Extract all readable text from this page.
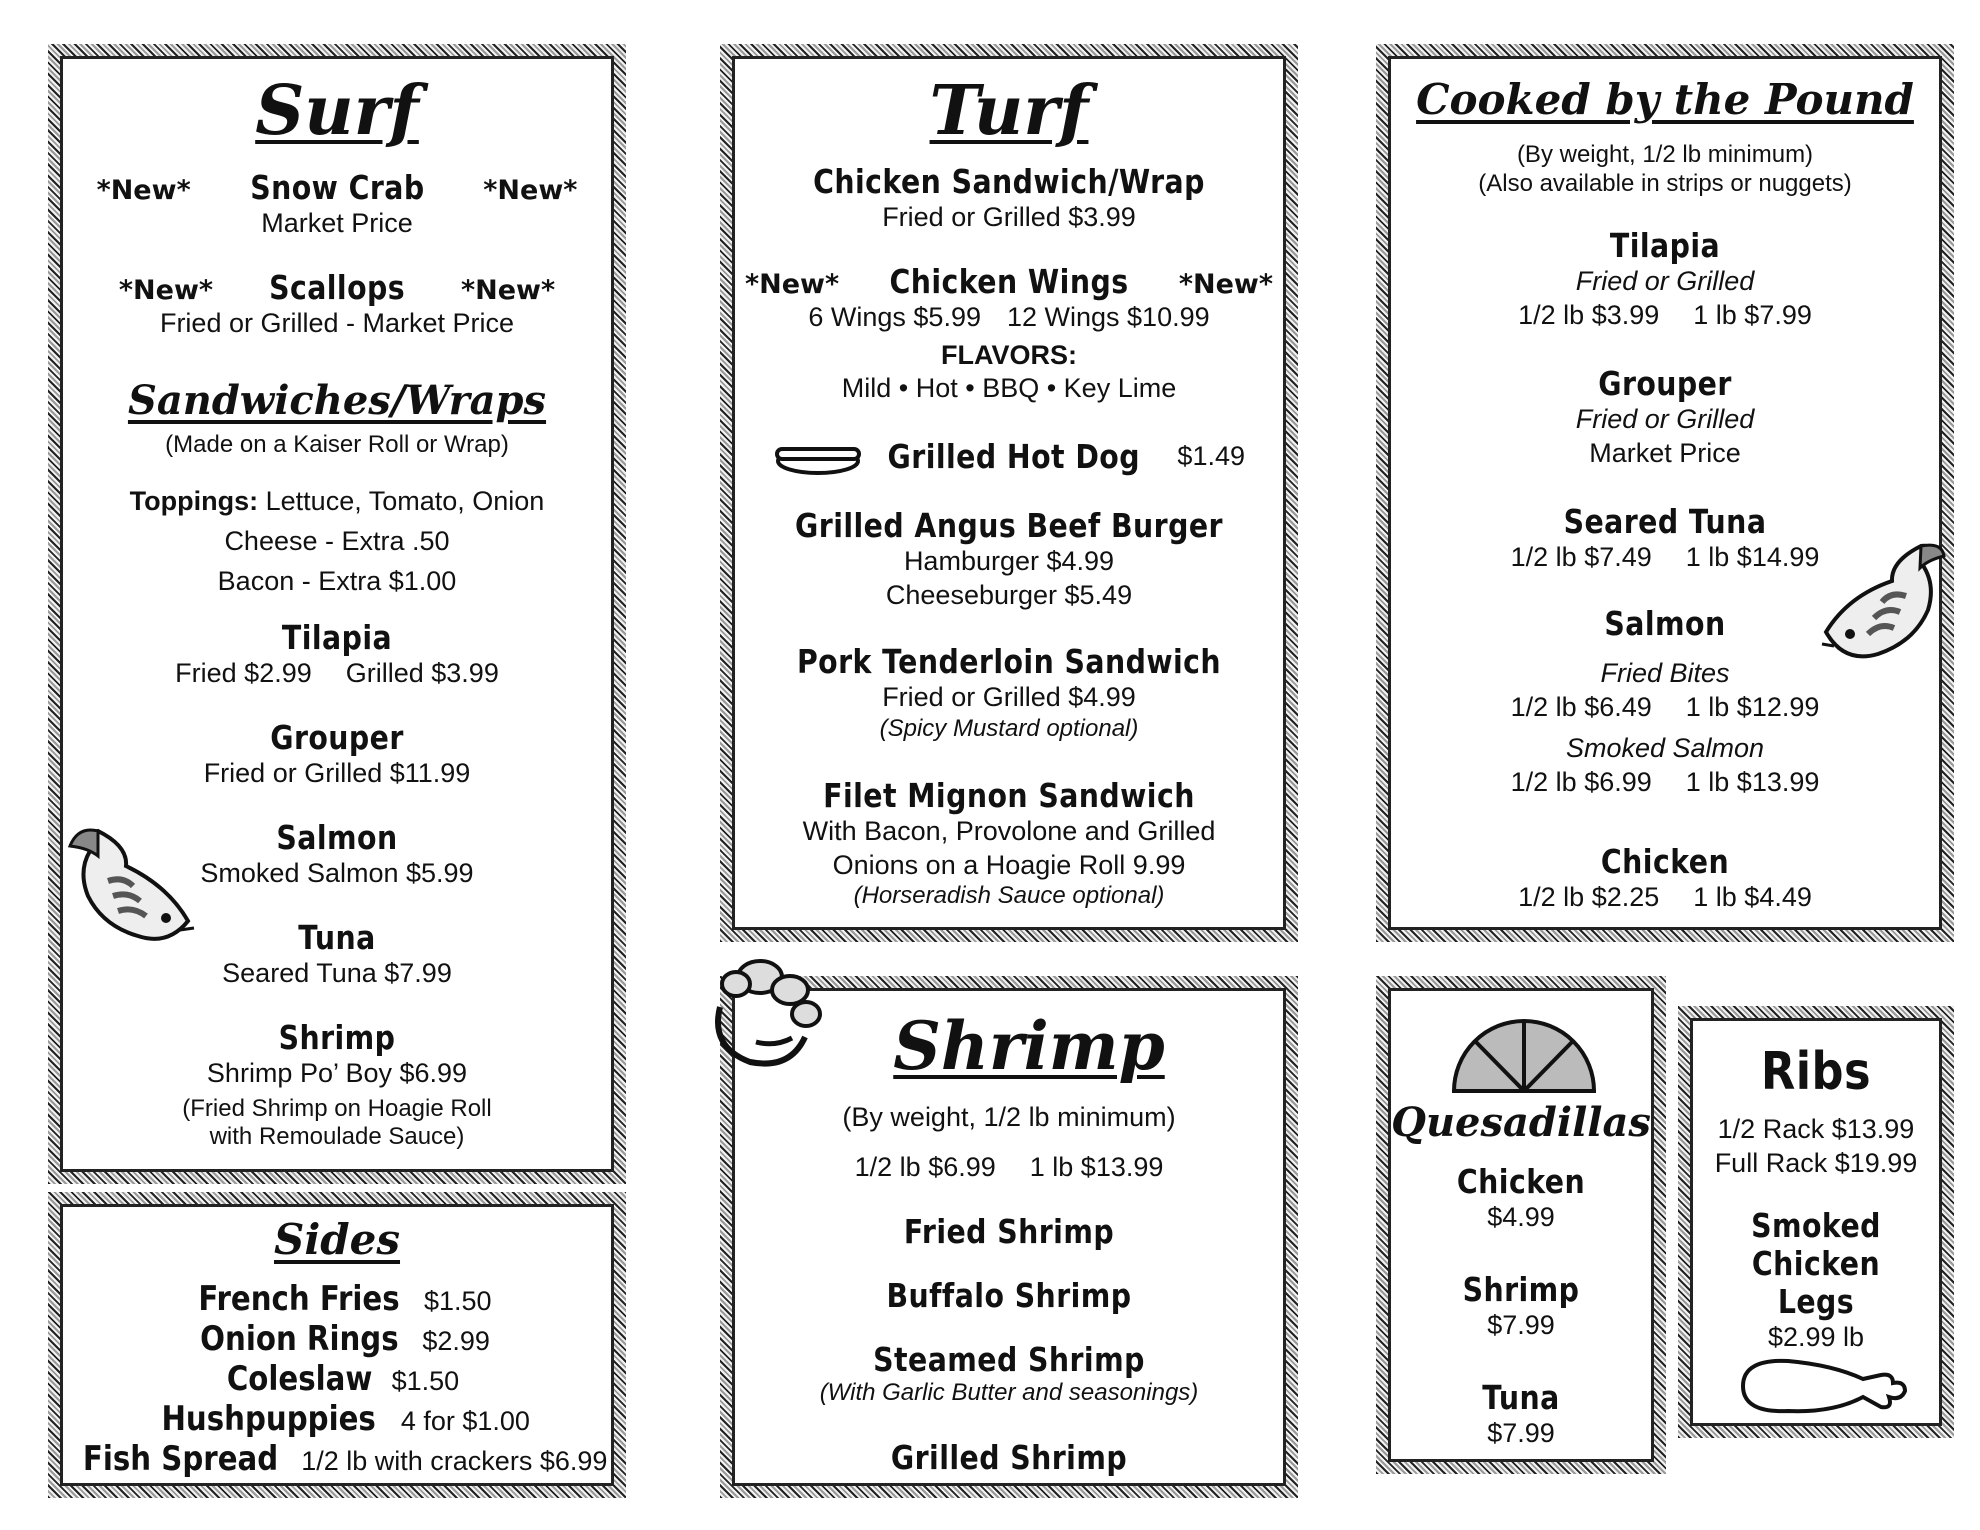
Surf
*New* Snow Crab *New*
Market Price
*New* Scallops *New*
Fried or Grilled - Market Price
Sandwiches/Wraps
(Made on a Kaiser Roll or Wrap)
Toppings: Lettuce, Tomato, Onion
Cheese - Extra .50
Bacon - Extra $1.00
Tilapia
Fried $2.99 Grilled $3.99
Grouper
Fried or Grilled $11.99
Salmon
Smoked Salmon $5.99
Tuna
Seared Tuna $7.99
Shrimp
Shrimp Po’ Boy $6.99
(Fried Shrimp on Hoagie Roll
with Remoulade Sauce)
Sides
French Fries $1.50
Onion Rings $2.99
Coleslaw $1.50
Hushpuppies 4 for $1.00
Fish Spread 1/2 lb with crackers $6.99
Turf
Chicken Sandwich/Wrap
Fried or Grilled $3.99
*New* Chicken Wings *New*
6 Wings $5.99 12 Wings $10.99
FLAVORS:
Mild • Hot • BBQ • Key Lime
Grilled Hot Dog $1.49
Grilled Angus Beef Burger
Hamburger $4.99
Cheeseburger $5.49
Pork Tenderloin Sandwich
Fried or Grilled $4.99
(Spicy Mustard optional)
Filet Mignon Sandwich
With Bacon, Provolone and Grilled
Onions on a Hoagie Roll 9.99
(Horseradish Sauce optional)
Shrimp
(By weight, 1/2 lb minimum)
1/2 lb $6.99 1 lb $13.99
Fried Shrimp
Buffalo Shrimp
Steamed Shrimp
(With Garlic Butter and seasonings)
Grilled Shrimp
Cooked by the Pound
(By weight, 1/2 lb minimum)
(Also available in strips or nuggets)
Tilapia
Fried or Grilled
1/2 lb $3.99 1 lb $7.99
Grouper
Fried or Grilled
Market Price
Seared Tuna
1/2 lb $7.49 1 lb $14.99
Salmon
Fried Bites
1/2 lb $6.49 1 lb $12.99
Smoked Salmon
1/2 lb $6.99 1 lb $13.99
Chicken
1/2 lb $2.25 1 lb $4.49
Quesadillas
Chicken
$4.99
Shrimp
$7.99
Tuna
$7.99
Ribs
1/2 Rack $13.99
Full Rack $19.99
Smoked
Chicken Legs
$2.99 lb
